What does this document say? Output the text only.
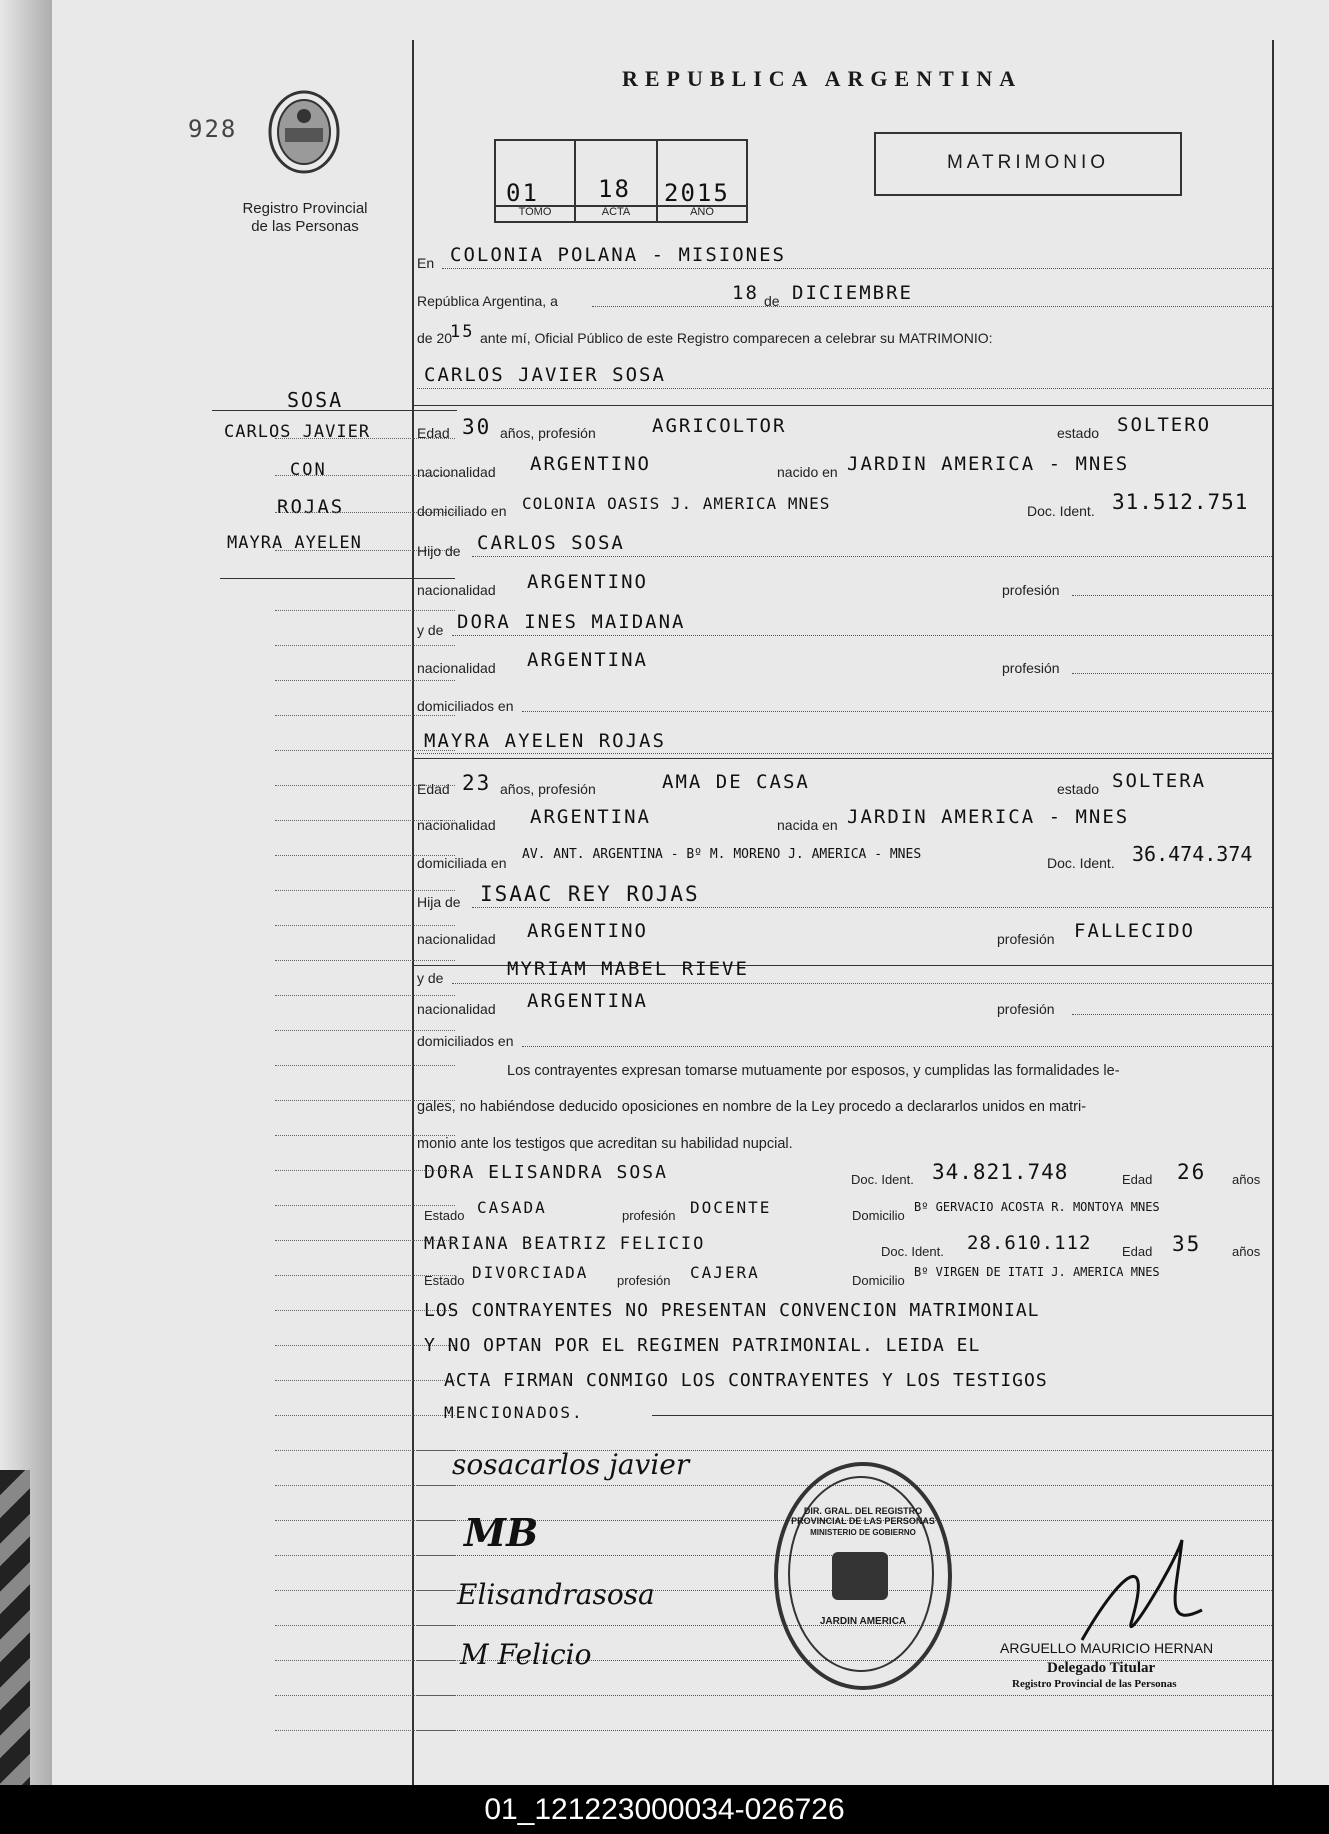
928
Registro Provincial
de las Personas
REPUBLICA ARGENTINA
01 18 2015
TOMO	ACTA	AÑO
MATRIMONIO
SOSA
CARLOS JAVIER
CON
ROJAS
MAYRA AYELEN
En COLONIA POLANA - MISIONES
República Argentina, a	18 de DICIEMBRE
de 20
15 ante mí, Oficial Público de este Registro comparecen a celebrar su MATRIMONIO:
CARLOS JAVIER SOSA
Edad 30 años, profesión	AGRICOLTOR	estado SOLTERO
nacionalidad ARGENTINO	nacido en JARDIN AMERICA - MNES
domiciliado en COLONIA OASIS J. AMERICA MNES	Doc. Ident. 31.512.751
Hijo de CARLOS SOSA
nacionalidad ARGENTINO	profesión
y de DORA INES MAIDANA
nacionalidad ARGENTINA	profesión
domiciliados en
MAYRA AYELEN ROJAS
Edad 23 años, profesión	AMA DE CASA	estado SOLTERA
nacionalidad ARGENTINA	nacida en JARDIN AMERICA - MNES
domiciliada en
AV. ANT. ARGENTINA - Bº M. MORENO J. AMERICA - MNES
Doc. Ident. 36.474.374
Hija de ISAAC REY ROJAS
nacionalidad ARGENTINO	profesión FALLECIDO
y de	MYRIAM MABEL RIEVE
nacionalidad ARGENTINA	profesión
domiciliados en
Los contrayentes expresan tomarse mutuamente por esposos, y cumplidas las formalidades le-
gales, no habiéndose deducido oposiciones en nombre de la Ley procedo a declararlos unidos en matri-
monio ante los testigos que acreditan su habilidad nupcial.
DORA ELISANDRA SOSA	Doc. Ident. 34.821.748	Edad 26 años
Estado CASADA	profesión DOCENTE	Domicilio
Bº GERVACIO ACOSTA R. MONTOYA MNES
MARIANA BEATRIZ FELICIO	Doc. Ident. 28.610.112 Edad 35 años
Estado DIVORCIADA profesión CAJERA	Domicilio
Bº VIRGEN DE ITATI J. AMERICA MNES
LOS CONTRAYENTES NO PRESENTAN CONVENCION MATRIMONIAL
Y NO OPTAN POR EL REGIMEN PATRIMONIAL. LEIDA EL
ACTA FIRMAN CONMIGO LOS CONTRAYENTES Y LOS TESTIGOS
MENCIONADOS.
sosacarlos javier
MB
Elisandrasosa
M Felicio
DIR. GRAL. DEL REGISTRO PROVINCIAL DE LAS PERSONAS
MINISTERIO DE GOBIERNO
JARDIN AMERICA
ARGUELLO MAURICIO HERNAN
Delegado Titular
Registro Provincial de las Personas
01_121223000034-026726
